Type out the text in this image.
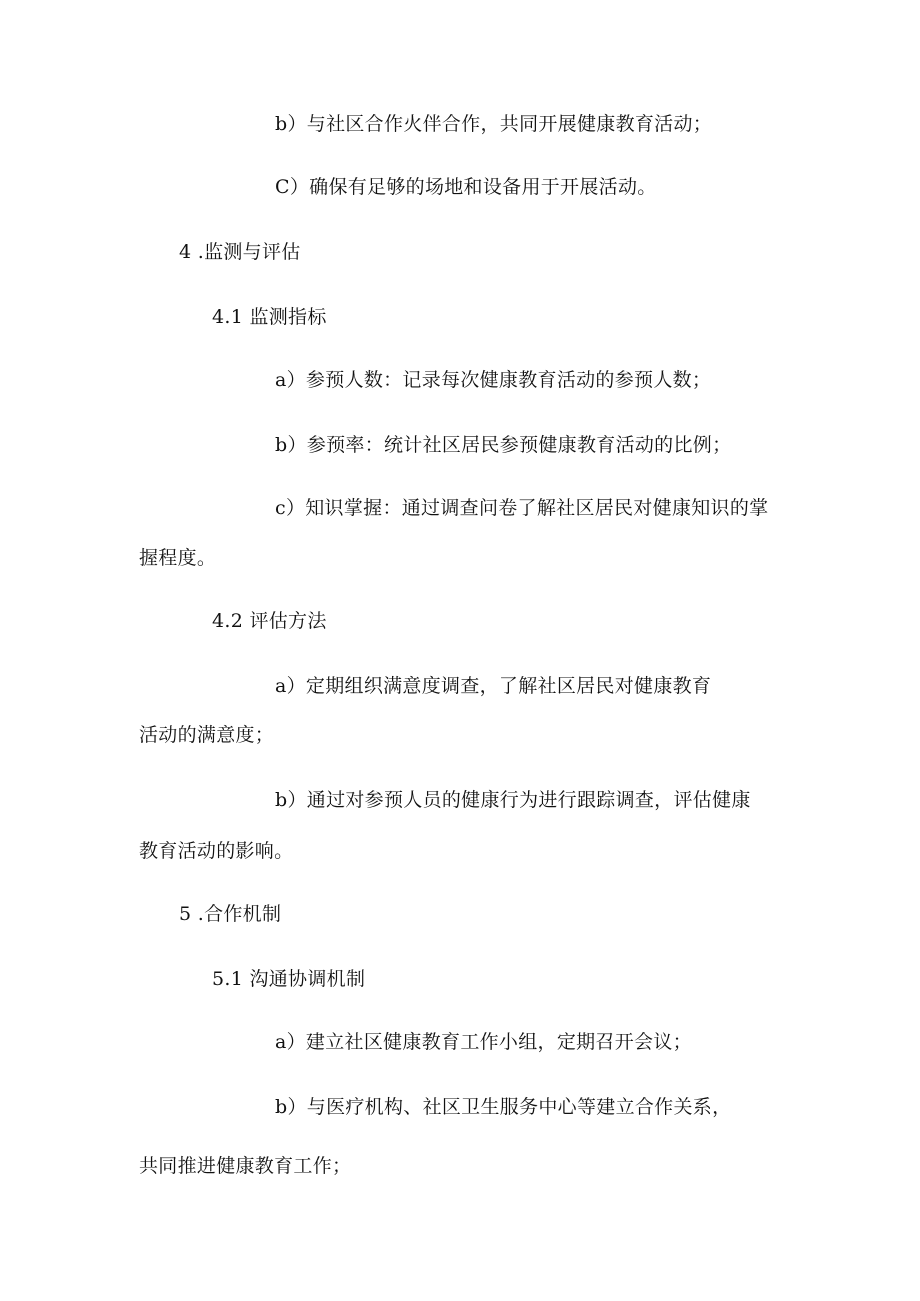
b）与社区合作火伴合作，共同开展健康教育活动；
C）确保有足够的场地和设备用于开展活动。
4 .监测与评估
4.1 监测指标
a）参预人数：记录每次健康教育活动的参预人数；
b）参预率：统计社区居民参预健康教育活动的比例；
c）知识掌握：通过调查问卷了解社区居民对健康知识的掌
握程度。
4.2 评估方法
a）定期组织满意度调查，了解社区居民对健康教育
活动的满意度；
b）通过对参预人员的健康行为进行跟踪调查，评估健康
教育活动的影响。
5 .合作机制
5.1 沟通协调机制
a）建立社区健康教育工作小组，定期召开会议；
b）与医疗机构、社区卫生服务中心等建立合作关系，
共同推进健康教育工作；
